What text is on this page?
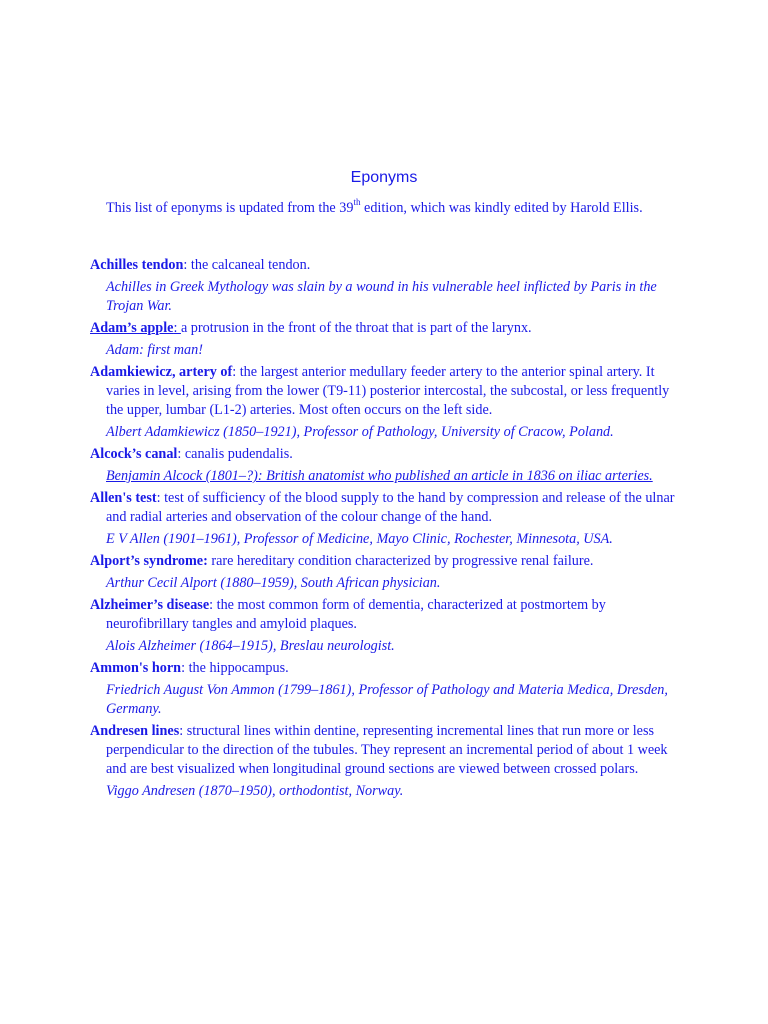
Eponyms

This list of eponyms is updated from the 39th edition, which was kindly edited by Harold Ellis.

Achilles tendon: the calcaneal tendon.

Achilles in Greek Mythology was slain by a wound in his vulnerable heel inflicted by Paris in the Trojan War.

Adam’s apple: a protrusion in the front of the throat that is part of the larynx.

Adam: first man!

Adamkiewicz, artery of: the largest anterior medullary feeder artery to the anterior spinal artery. It varies in level, arising from the lower (T9-11) posterior intercostal, the subcostal, or less frequently the upper, lumbar (L1-2) arteries. Most often occurs on the left side.

Albert Adamkiewicz (1850–1921), Professor of Pathology, University of Cracow, Poland.

Alcock’s canal: canalis pudendalis.

Benjamin Alcock (1801–?): British anatomist who published an article in 1836 on iliac arteries.

Allen's test: test of sufficiency of the blood supply to the hand by compression and release of the ulnar and radial arteries and observation of the colour change of the hand.

E V Allen (1901–1961), Professor of Medicine, Mayo Clinic, Rochester, Minnesota, USA.

Alport’s syndrome: rare hereditary condition characterized by progressive renal failure.

Arthur Cecil Alport (1880–1959), South African physician.

Alzheimer’s disease: the most common form of dementia, characterized at postmortem by neurofibrillary tangles and amyloid plaques.

Alois Alzheimer (1864–1915), Breslau neurologist.

Ammon's horn: the hippocampus.

Friedrich August Von Ammon (1799–1861), Professor of Pathology and Materia Medica, Dresden, Germany.

Andresen lines: structural lines within dentine, representing incremental lines that run more or less perpendicular to the direction of the tubules. They represent an incremental period of about 1 week and are best visualized when longitudinal ground sections are viewed between crossed polars.

Viggo Andresen (1870–1950), orthodontist, Norway.
